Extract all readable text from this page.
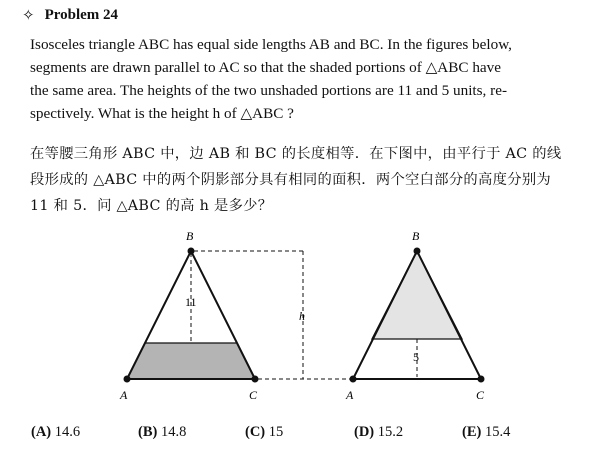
✧ Problem 24
Isosceles triangle ABC has equal side lengths AB and BC. In the figures below,
segments are drawn parallel to AC so that the shaded portions of △ABC have
the same area. The heights of the two unshaded portions are 11 and 5 units, re-
spectively. What is the height h of △ABC ?
在等腰三角形 ABC 中，边 AB 和 BC 的长度相等．在下图中，由平行于 AC 的线
段形成的 △ABC 中的两个阴影部分具有相同的面积．两个空白部分的高度分别为
11 和 5．问 △ABC 的高 h 是多少？
B
A	C
11
h
B
A	C
5
(A) 14.6	(B) 14.8	(C) 15	(D) 15.2	(E) 15.4
